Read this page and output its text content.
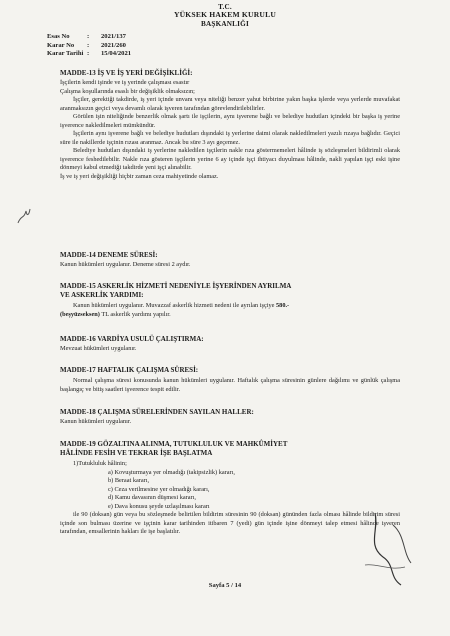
T.C.
YÜKSEK HAKEM KURULU
BAŞKANLIĞI
Esas No	: 2021/137
Karar No : 2021/260
Karar Tarihi : 15/04/2021
MADDE-13 İŞ VE İŞ YERİ DEĞİŞİKLİĞİ:

İşçilerin kendi işinde ve iş yerinde çalışması esastır

Çalışma koşullarında esaslı bir değişiklik olmaksızın;

İşçiler, gerektiği takdirde, iş yeri içinde unvanı veya niteliği benzer yahut birbirine yakın başka işlerde veya yerlerde muvafakat aranmaksızın geçici veya devamlı olarak işveren tarafından görevlendirilebilirler.

Görülen işin niteliğinde benzerlik olmak şartı ile işçilerin, aynı işverene bağlı ve belediye hudutları içindeki bir başka iş yerine işverence nakledilmeleri mümkündür.

İşçilerin aynı işverene bağlı ve belediye hudutları dışındaki iş yerlerine daimi olarak nakledilmeleri yazılı rızaya bağlıdır. Geçici süre ile nakillerde işçinin rızası aranmaz. Ancak bu süre 3 ayı geçemez.

Belediye hudutları dışındaki iş yerlerine nakledilen işçilerin nakle rıza göstermemeleri hâlinde iş sözleşmeleri bildirimli olarak işverence feshedilebilir. Nakle rıza gösteren işçilerin yerine 6 ay içinde işçi ihtiyacı duyulması hâlinde, nakli yapılan işçi eski işine dönmeyi kabul etmediği takdirde yeni işçi alınabilir.

İş ve iş yeri değişikliği hiçbir zaman ceza mahiyetinde olamaz.

MADDE-14 DENEME SÜRESİ:
Kanun hükümleri uygulanır. Deneme süresi 2 aydır.
MADDE-15 ASKERLİK HİZMETİ NEDENİYLE İŞYERİNDEN AYRILMA
VE ASKERLİK YARDIMI:

Kanun hükümleri uygulanır. Muvazzaf askerlik hizmeti nedeni ile ayrılan işçiye 580.-

(beşyüzseksen) TL askerlik yardımı yapılır.

MADDE-16 VARDİYA USULÜ ÇALIŞTIRMA:
Mevzuat hükümleri uygulanır.
MADDE-17 HAFTALIK ÇALIŞMA SÜRESİ:
Normal çalışma süresi konusunda kanun hükümleri uygulanır. Haftalık çalışma süresinin günlere dağılımı ve günlük çalışma başlangıç ve bitiş saatleri işverence tespit edilir.
MADDE-18 ÇALIŞMA SÜRELERİNDEN SAYILAN HALLER:
Kanun hükümleri uygulanır.
MADDE-19 GÖZALTINA ALINMA, TUTUKLULUK VE MAHKÛMİYET
HÂLİNDE FESİH VE TEKRAR İŞE BAŞLATMA

1)Tutukluluk hâlinin;

a) Kovuşturmaya yer olmadığı (takipsizlik) kararı,

b) Beraat kararı,

c) Ceza verilmesine yer olmadığı kararı,

d) Kamu davasının düşmesi kararı,

e) Dava konusu şeyde uzlaşılması kararı

ile 90 (doksan) gün veya bu sözleşmede belirtilen bildirim süresinin 90 (doksan) gününden fazla olması hâlinde bildirim süresi içinde son bulması üzerine ve işçinin karar tarihinden itibaren 7 (yedi) gün içinde işine dönmeyi talep etmesi hâlinde işveren tarafından, emsallerinin hakları ile işe başlatılır.

Sayfa 5 / 14
